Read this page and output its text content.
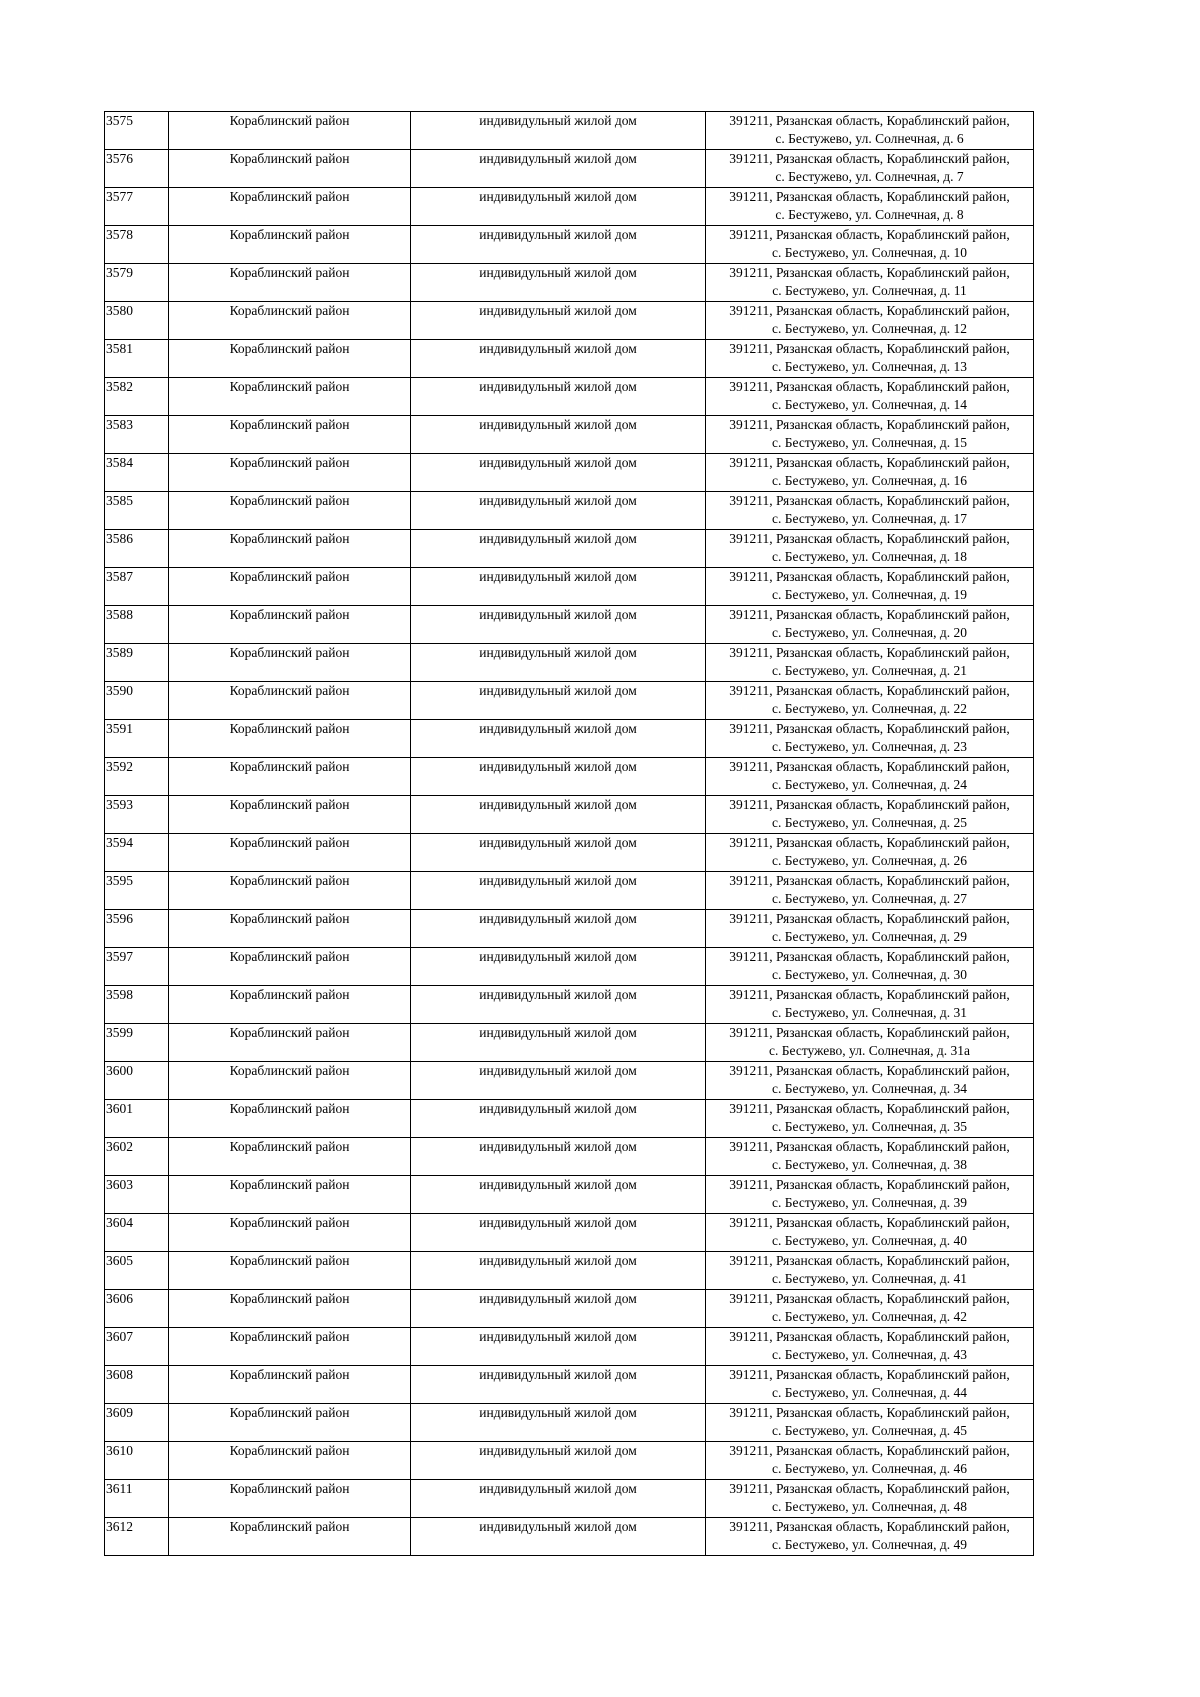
3575	Кораблинский район	индивидульный жилой дом	391211, Рязанская область, Кораблинский район,
с. Бестужево, ул. Солнечная, д. 6

3576	Кораблинский район	индивидульный жилой дом	391211, Рязанская область, Кораблинский район,
с. Бестужево, ул. Солнечная, д. 7

3577	Кораблинский район	индивидульный жилой дом	391211, Рязанская область, Кораблинский район,
с. Бестужево, ул. Солнечная, д. 8

3578	Кораблинский район	индивидульный жилой дом	391211, Рязанская область, Кораблинский район,
с. Бестужево, ул. Солнечная, д. 10

3579	Кораблинский район	индивидульный жилой дом	391211, Рязанская область, Кораблинский район,
с. Бестужево, ул. Солнечная, д. 11

3580	Кораблинский район	индивидульный жилой дом	391211, Рязанская область, Кораблинский район,
с. Бестужево, ул. Солнечная, д. 12

3581	Кораблинский район	индивидульный жилой дом	391211, Рязанская область, Кораблинский район,
с. Бестужево, ул. Солнечная, д. 13

3582	Кораблинский район	индивидульный жилой дом	391211, Рязанская область, Кораблинский район,
с. Бестужево, ул. Солнечная, д. 14

3583	Кораблинский район	индивидульный жилой дом	391211, Рязанская область, Кораблинский район,
с. Бестужево, ул. Солнечная, д. 15

3584	Кораблинский район	индивидульный жилой дом	391211, Рязанская область, Кораблинский район,
с. Бестужево, ул. Солнечная, д. 16

3585	Кораблинский район	индивидульный жилой дом	391211, Рязанская область, Кораблинский район,
с. Бестужево, ул. Солнечная, д. 17

3586	Кораблинский район	индивидульный жилой дом	391211, Рязанская область, Кораблинский район,
с. Бестужево, ул. Солнечная, д. 18

3587	Кораблинский район	индивидульный жилой дом	391211, Рязанская область, Кораблинский район,
с. Бестужево, ул. Солнечная, д. 19

3588	Кораблинский район	индивидульный жилой дом	391211, Рязанская область, Кораблинский район,
с. Бестужево, ул. Солнечная, д. 20

3589	Кораблинский район	индивидульный жилой дом	391211, Рязанская область, Кораблинский район,
с. Бестужево, ул. Солнечная, д. 21

3590	Кораблинский район	индивидульный жилой дом	391211, Рязанская область, Кораблинский район,
с. Бестужево, ул. Солнечная, д. 22

3591	Кораблинский район	индивидульный жилой дом	391211, Рязанская область, Кораблинский район,
с. Бестужево, ул. Солнечная, д. 23

3592	Кораблинский район	индивидульный жилой дом	391211, Рязанская область, Кораблинский район,
с. Бестужево, ул. Солнечная, д. 24

3593	Кораблинский район	индивидульный жилой дом	391211, Рязанская область, Кораблинский район,
с. Бестужево, ул. Солнечная, д. 25

3594	Кораблинский район	индивидульный жилой дом	391211, Рязанская область, Кораблинский район,
с. Бестужево, ул. Солнечная, д. 26

3595	Кораблинский район	индивидульный жилой дом	391211, Рязанская область, Кораблинский район,
с. Бестужево, ул. Солнечная, д. 27

3596	Кораблинский район	индивидульный жилой дом	391211, Рязанская область, Кораблинский район,
с. Бестужево, ул. Солнечная, д. 29

3597	Кораблинский район	индивидульный жилой дом	391211, Рязанская область, Кораблинский район,
с. Бестужево, ул. Солнечная, д. 30

3598	Кораблинский район	индивидульный жилой дом	391211, Рязанская область, Кораблинский район,
с. Бестужево, ул. Солнечная, д. 31

3599	Кораблинский район	индивидульный жилой дом	391211, Рязанская область, Кораблинский район,
с. Бестужево, ул. Солнечная, д. 31а

3600	Кораблинский район	индивидульный жилой дом	391211, Рязанская область, Кораблинский район,
с. Бестужево, ул. Солнечная, д. 34

3601	Кораблинский район	индивидульный жилой дом	391211, Рязанская область, Кораблинский район,
с. Бестужево, ул. Солнечная, д. 35

3602	Кораблинский район	индивидульный жилой дом	391211, Рязанская область, Кораблинский район,
с. Бестужево, ул. Солнечная, д. 38

3603	Кораблинский район	индивидульный жилой дом	391211, Рязанская область, Кораблинский район,
с. Бестужево, ул. Солнечная, д. 39

3604	Кораблинский район	индивидульный жилой дом	391211, Рязанская область, Кораблинский район,
с. Бестужево, ул. Солнечная, д. 40

3605	Кораблинский район	индивидульный жилой дом	391211, Рязанская область, Кораблинский район,
с. Бестужево, ул. Солнечная, д. 41

3606	Кораблинский район	индивидульный жилой дом	391211, Рязанская область, Кораблинский район,
с. Бестужево, ул. Солнечная, д. 42

3607	Кораблинский район	индивидульный жилой дом	391211, Рязанская область, Кораблинский район,
с. Бестужево, ул. Солнечная, д. 43

3608	Кораблинский район	индивидульный жилой дом	391211, Рязанская область, Кораблинский район,
с. Бестужево, ул. Солнечная, д. 44

3609	Кораблинский район	индивидульный жилой дом	391211, Рязанская область, Кораблинский район,
с. Бестужево, ул. Солнечная, д. 45

3610	Кораблинский район	индивидульный жилой дом	391211, Рязанская область, Кораблинский район,
с. Бестужево, ул. Солнечная, д. 46

3611	Кораблинский район	индивидульный жилой дом	391211, Рязанская область, Кораблинский район,
с. Бестужево, ул. Солнечная, д. 48

3612	Кораблинский район	индивидульный жилой дом	391211, Рязанская область, Кораблинский район,
с. Бестужево, ул. Солнечная, д. 49
